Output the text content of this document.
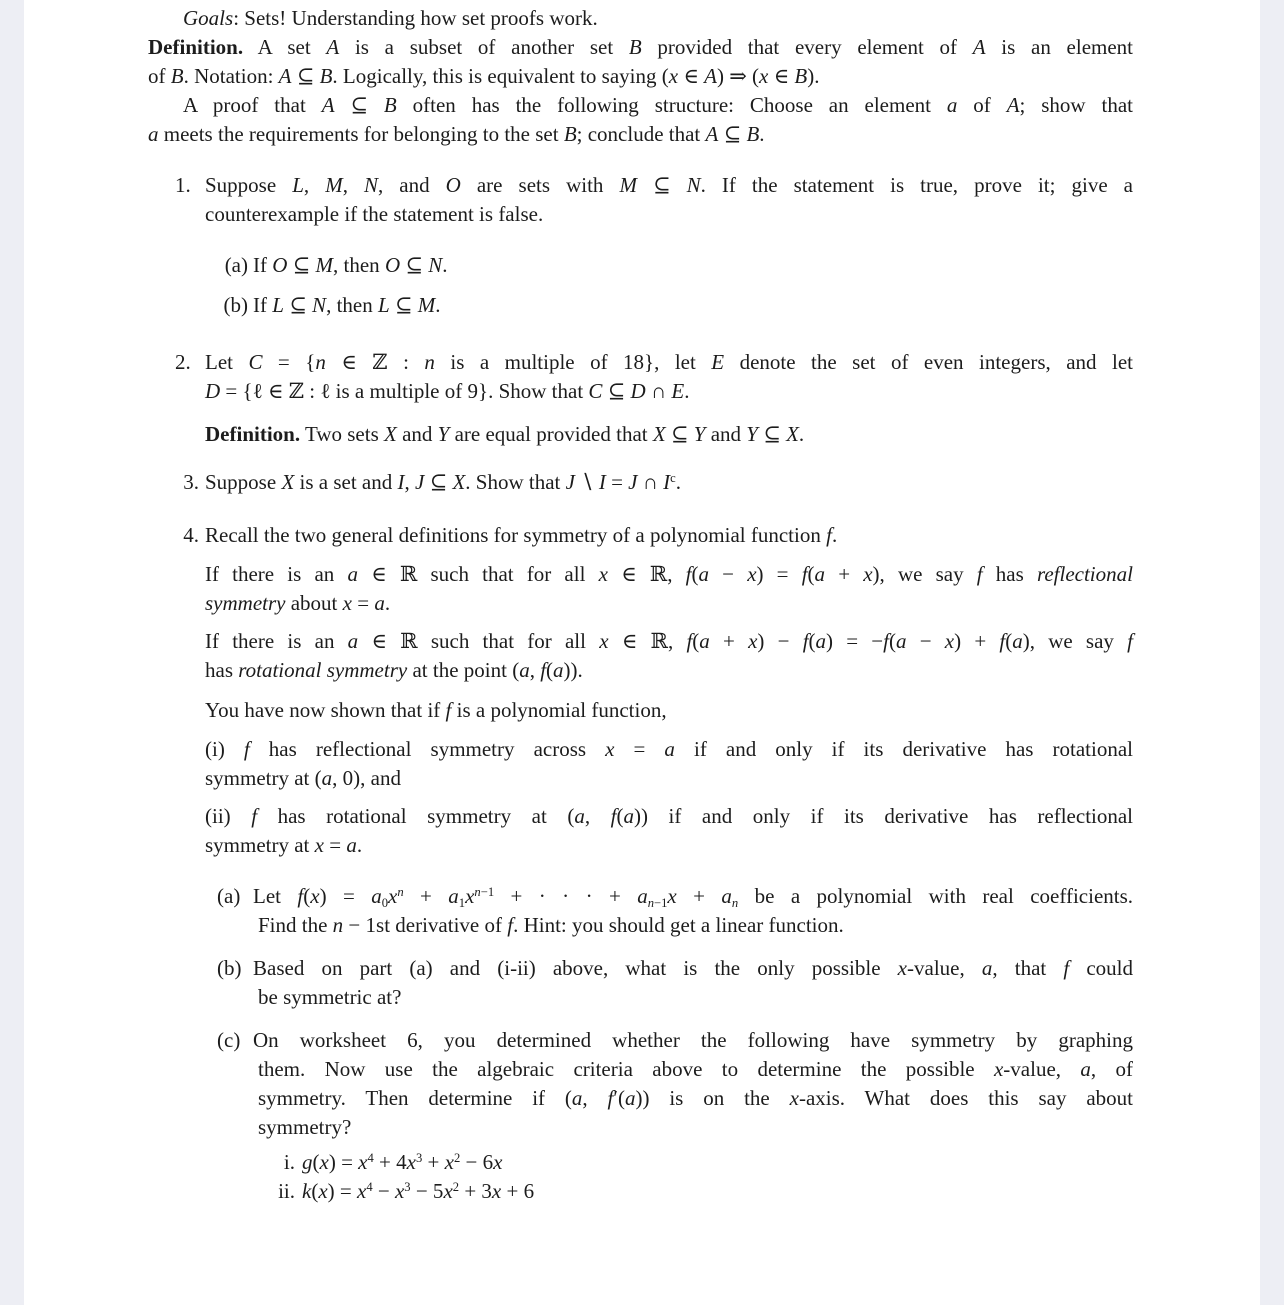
Goals: Sets! Understanding how set proofs work.
Definition. A set A is a subset of another set B provided that every element of A is an element
of B. Notation: A ⊆ B. Logically, this is equivalent to saying (x ∈ A) ⇒ (x ∈ B).
A proof that A ⊆ B often has the following structure: Choose an element a of A; show that
a meets the requirements for belonging to the set B; conclude that A ⊆ B.
1. Suppose L, M, N, and O are sets with M ⊆ N. If the statement is true, prove it; give a
counterexample if the statement is false.
(a) If O ⊆ M, then O ⊆ N.
(b) If L ⊆ N, then L ⊆ M.
2. Let C = {n ∈ ℤ : n is a multiple of 18}, let E denote the set of even integers, and let
D = {ℓ ∈ ℤ : ℓ is a multiple of 9}. Show that C ⊆ D ∩ E.
Definition. Two sets X and Y are equal provided that X ⊆ Y and Y ⊆ X.
3. Suppose X is a set and I, J ⊆ X. Show that J ∖ I = J ∩ $I^c$.
4. Recall the two general definitions for symmetry of a polynomial function f.
If there is an a ∈ ℝ such that for all x ∈ ℝ, f(a − x) = f(a + x), we say f has reflectional
symmetry about x = a.
If there is an a ∈ ℝ such that for all x ∈ ℝ, f(a + x) − f(a) = −f(a − x) + f(a), we say f
has rotational symmetry at the point (a, f(a)).
You have now shown that if f is a polynomial function,
(i) f has reflectional symmetry across x = a if and only if its derivative has rotational
symmetry at (a, 0), and
(ii) f has rotational symmetry at (a, f(a)) if and only if its derivative has reflectional
symmetry at x = a.
(a) Let $f(x) = a_0x^n + a_1x^{n-1}$ + · · · + $a_{n-1}x + a_n$ be a polynomial with real coefficients.
Find the n − 1st derivative of f. Hint: you should get a linear function.
(b) Based on part (a) and (i-ii) above, what is the only possible x-value, a, that f could
be symmetric at?
(c) On worksheet 6, you determined whether the following have symmetry by graphing
them. Now use the algebraic criteria above to determine the possible x-value, a, of
symmetry. Then determine if (a, f′(a)) is on the x-axis. What does this say about
symmetry?
i. $g(x) = x^4 + 4x^3 + x^2 - 6x$
ii. $k(x) = x^4 - x^3 - 5x^2 + 3x + 6$
